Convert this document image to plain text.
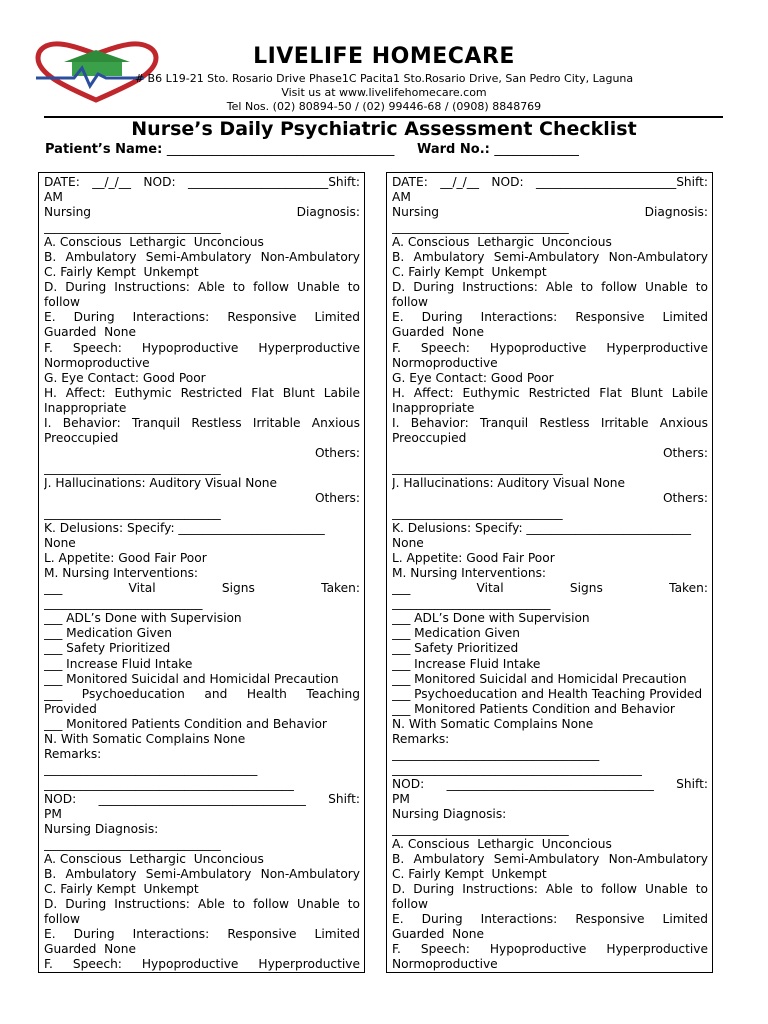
LIVELIFE HOMECARE
# B6 L19-21 Sto. Rosario Drive Phase1C Pacita1 Sto.Rosario Drive, San Pedro City, Laguna
Visit us at www.livelifehomecare.com
Tel Nos. (02) 80894-50 / (02) 99446-68 / (0908) 8848769
Nurse’s Daily Psychiatric Assessment Checklist
Patient’s Name: ___________________________________ Ward No.: _____________
DATE: __/_/__ NOD: _______________________Shift:
AM
Nursing Diagnosis:
_____________________________
A. Conscious  Lethargic  Unconcious
B. Ambulatory Semi-Ambulatory Non-Ambulatory
C. Fairly Kempt  Unkempt
D. During Instructions: Able to follow Unable to
follow
E. During Interactions: Responsive Limited
Guarded  None
F. Speech: Hypoproductive Hyperproductive
Normoproductive
G. Eye Contact: Good Poor
H. Affect: Euthymic Restricted Flat Blunt Labile
Inappropriate
I. Behavior: Tranquil Restless Irritable Anxious
Preoccupied
Others:
_____________________________
J. Hallucinations: Auditory Visual None
Others:
_____________________________
K. Delusions: Specify: ________________________
None
L. Appetite: Good Fair Poor
M. Nursing Interventions:
___ Vital Signs Taken:
__________________________
___ ADL’s Done with Supervision
___ Medication Given
___ Safety Prioritized
___ Increase Fluid Intake
___ Monitored Suicidal and Homicidal Precaution
___ Psychoeducation and Health Teaching
Provided
___ Monitored Patients Condition and Behavior
N. With Somatic Complains None
Remarks:
___________________________________
_________________________________________
NOD: __________________________________ Shift:
PM
Nursing Diagnosis:
_____________________________
A. Conscious  Lethargic  Unconcious
B. Ambulatory Semi-Ambulatory Non-Ambulatory
C. Fairly Kempt  Unkempt
D. During Instructions: Able to follow Unable to
follow
E. During Interactions: Responsive Limited
Guarded  None
F. Speech: Hypoproductive Hyperproductive
DATE: __/_/__ NOD: _______________________Shift:
AM
Nursing Diagnosis:
_____________________________
A. Conscious  Lethargic  Unconcious
B. Ambulatory Semi-Ambulatory Non-Ambulatory
C. Fairly Kempt  Unkempt
D. During Instructions: Able to follow Unable to
follow
E. During Interactions: Responsive Limited
Guarded  None
F. Speech: Hypoproductive Hyperproductive
Normoproductive
G. Eye Contact: Good Poor
H. Affect: Euthymic Restricted Flat Blunt Labile
Inappropriate
I. Behavior: Tranquil Restless Irritable Anxious
Preoccupied
Others:
____________________________
J. Hallucinations: Auditory Visual None
Others:
____________________________
K. Delusions: Specify: ___________________________
None
L. Appetite: Good Fair Poor
M. Nursing Interventions:
___ Vital Signs Taken:
__________________________
___ ADL’s Done with Supervision
___ Medication Given
___ Safety Prioritized
___ Increase Fluid Intake
___ Monitored Suicidal and Homicidal Precaution
___ Psychoeducation and Health Teaching Provided
___ Monitored Patients Condition and Behavior
N. With Somatic Complains None
Remarks:
__________________________________
_________________________________________
NOD: __________________________________ Shift:
PM
Nursing Diagnosis:
_____________________________
A. Conscious  Lethargic  Unconcious
B. Ambulatory Semi-Ambulatory Non-Ambulatory
C. Fairly Kempt  Unkempt
D. During Instructions: Able to follow Unable to
follow
E. During Interactions: Responsive Limited
Guarded  None
F. Speech: Hypoproductive Hyperproductive
Normoproductive
